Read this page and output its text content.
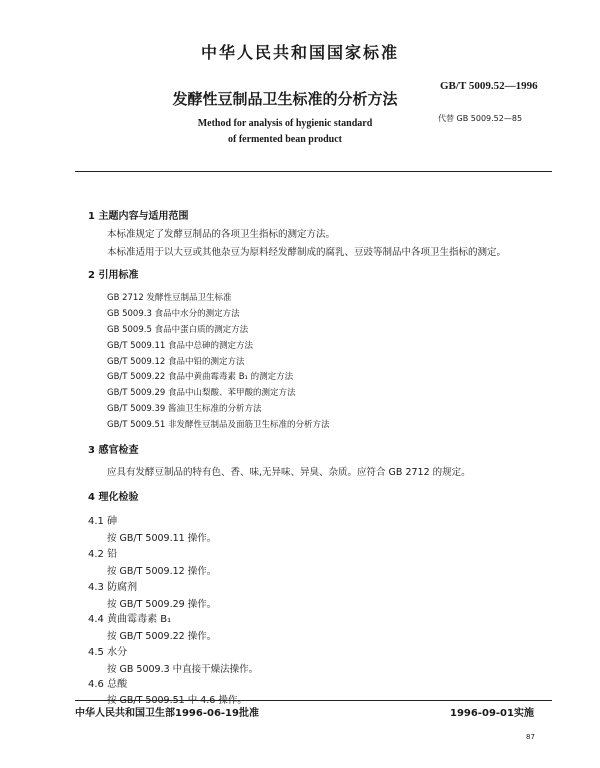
中华人民共和国国家标准
发酵性豆制品卫生标准的分析方法
Method for analysis of hygienic standard
of fermented bean product
GB/T 5009.52—1996
代替 GB 5009.52—85
1 主题内容与适用范围
本标准规定了发酵豆制品的各项卫生指标的测定方法。
本标准适用于以大豆或其他杂豆为原料经发酵制成的腐乳、豆豉等制品中各项卫生指标的测定。
2 引用标准
GB 2712 发酵性豆制品卫生标准
GB 5009.3 食品中水分的测定方法
GB 5009.5 食品中蛋白质的测定方法
GB/T 5009.11 食品中总砷的测定方法
GB/T 5009.12 食品中铅的测定方法
GB/T 5009.22 食品中黄曲霉毒素 B₁ 的测定方法
GB/T 5009.29 食品中山梨酸、苯甲酸的测定方法
GB/T 5009.39 酱油卫生标准的分析方法
GB/T 5009.51 非发酵性豆制品及面筋卫生标准的分析方法
3 感官检查
应具有发酵豆制品的特有色、香、味,无异味、异臭、杂质。应符合 GB 2712 的规定。
4 理化检验
4.1 砷
按 GB/T 5009.11 操作。
4.2 铅
按 GB/T 5009.12 操作。
4.3 防腐剂
按 GB/T 5009.29 操作。
4.4 黄曲霉毒素 B₁
按 GB/T 5009.22 操作。
4.5 水分
按 GB 5009.3 中直接干燥法操作。
4.6 总酸
中华人民共和国卫生部1996-06-19批准	1996-09-01实施
87
